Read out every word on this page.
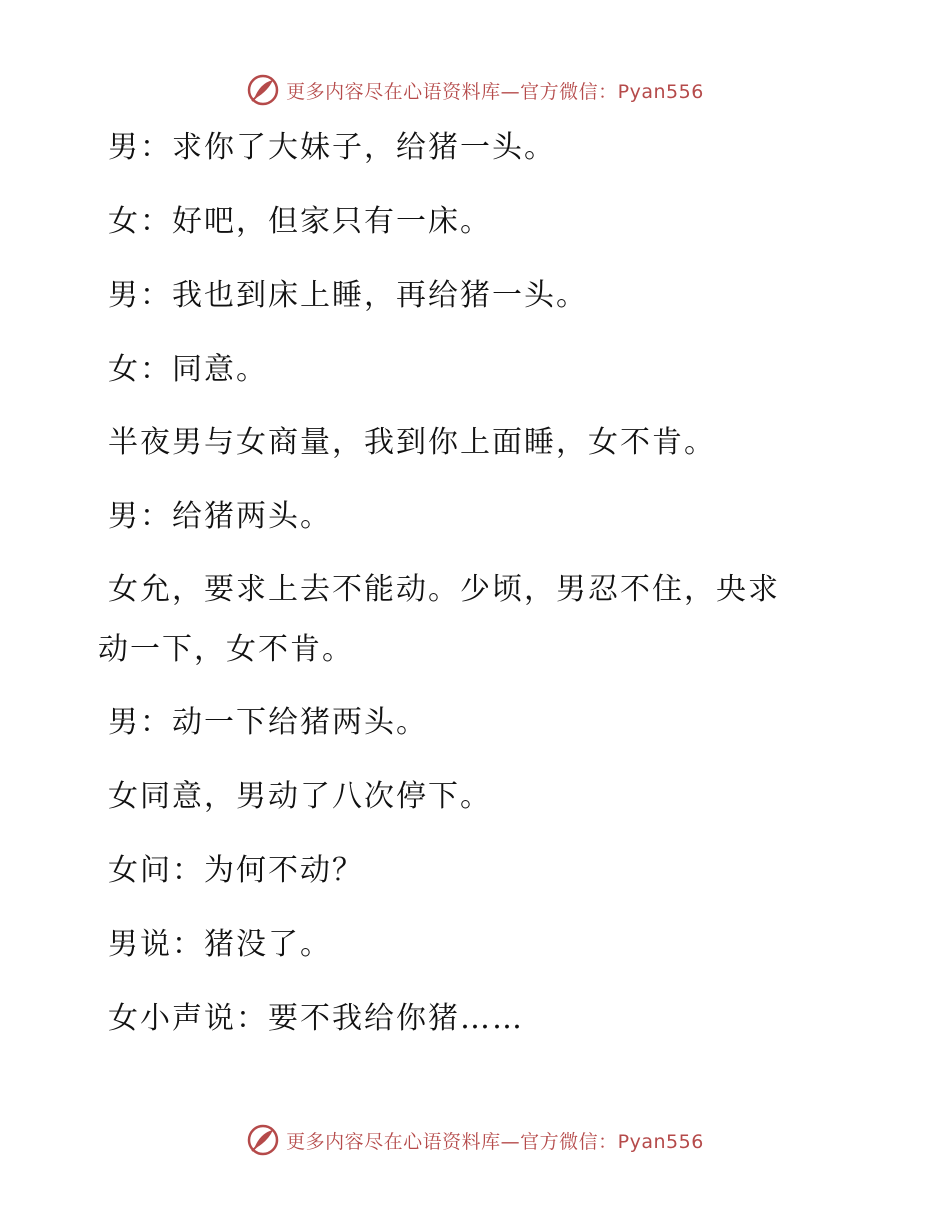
更多内容尽在心语资料库—官方微信：Pyan556
男：求你了大妹子，给猪一头。
女：好吧，但家只有一床。
男：我也到床上睡，再给猪一头。
女：同意。
半夜男与女商量，我到你上面睡，女不肯。
男：给猪两头。
女允，要求上去不能动。少顷，男忍不住，央求
动一下，女不肯。
男：动一下给猪两头。
女同意，男动了八次停下。
女问：为何不动？
男说：猪没了。
女小声说：要不我给你猪……
更多内容尽在心语资料库—官方微信：Pyan556
